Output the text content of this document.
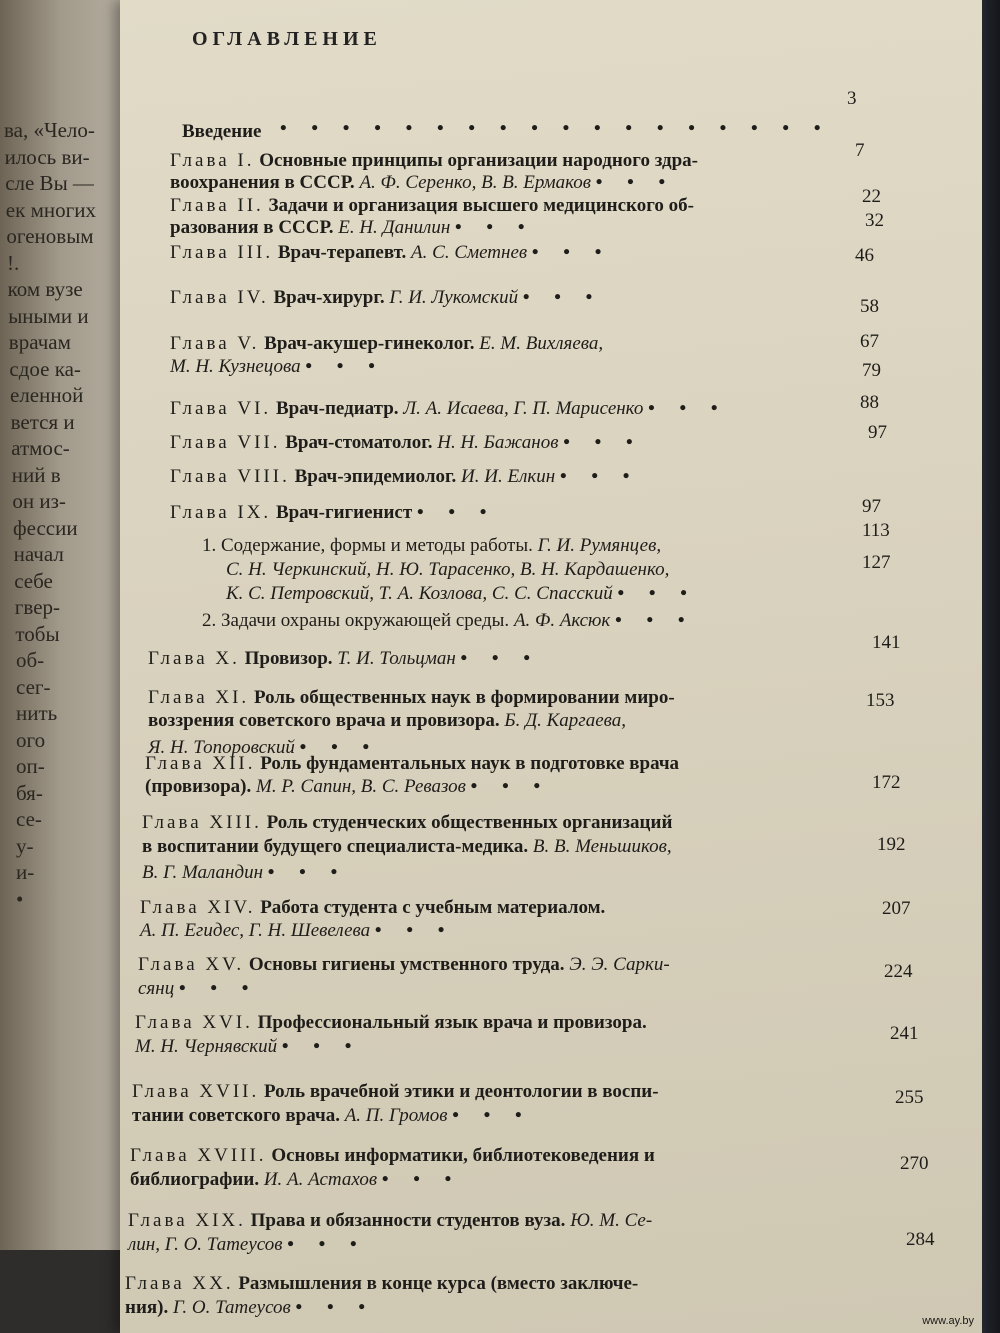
ва, «Чело-
илось ви-
сле Вы —
ек многих
огеновым
!.
ком вузе
ыными и
врачам
сдое ка-
еленной
вется и
атмос-
ний в
он из-
фессии
начал
себе
гвер-
тобы
об-
сег-
нить
ого
оп-
бя-
се-
у-
и-
•
ОГЛАВЛЕНИЕ
Введение • • • • • • • • • • • • • • • • • •
3
Глава I. Основные принципы организации народного здра-
воохранения в СССР. А. Ф. Серенко, В. В. Ермаков • • •
7
Глава II. Задачи и организация высшего медицинского об-
разования в СССР. Е. Н. Данилин • • •
22
Глава III. Врач-терапевт. А. С. Сметнев • • •
32
Глава IV. Врач-хирург. Г. И. Лукомский • • •
46
Глава V. Врач-акушер-гинеколог. Е. М. Вихляева,
М. Н. Кузнецова • • •
58
Глава VI. Врач-педиатр. Л. А. Исаева, Г. П. Марисенко • • •
67
Глава VII. Врач-стоматолог. Н. Н. Бажанов • • •
79
Глава VIII. Врач-эпидемиолог. И. И. Елкин • • •
88
Глава IX. Врач-гигиенист • • •
97
1. Содержание, формы и методы работы. Г. И. Румянцев,
С. Н. Черкинский, Н. Ю. Тарасенко, В. Н. Кардашенко,
К. С. Петровский, Т. А. Козлова, С. С. Спасский • • •
97
2. Задачи охраны окружающей среды. А. Ф. Аксюк • • •
113
Глава X. Провизор. Т. И. Тольцман • • •
127
Глава XI. Роль общественных наук в формировании миро-
воззрения советского врача и провизора. Б. Д. Каргаева,
Я. Н. Топоровский • • •
141
Глава XII. Роль фундаментальных наук в подготовке врача
(провизора). М. Р. Сапин, В. С. Ревазов • • •
153
Глава XIII. Роль студенческих общественных организаций
в воспитании будущего специалиста-медика. В. В. Меньшиков,
В. Г. Маландин • • •
172
Глава XIV. Работа студента с учебным материалом.
А. П. Егидес, Г. Н. Шевелева • • •
192
Глава XV. Основы гигиены умственного труда. Э. Э. Сарки-
сянц • • •
207
Глава XVI. Профессиональный язык врача и провизора.
М. Н. Чернявский • • •
224
Глава XVII. Роль врачебной этики и деонтологии в воспи-
тании советского врача. А. П. Громов • • •
241
Глава XVIII. Основы информатики, библиотековедения и
библиографии. И. А. Астахов • • •
255
Глава XIX. Права и обязанности студентов вуза. Ю. М. Се-
лин, Г. О. Татеусов • • •
270
Глава XX. Размышления в конце курса (вместо заключе-
ния). Г. О. Татеусов • • •
284
www.ay.by
